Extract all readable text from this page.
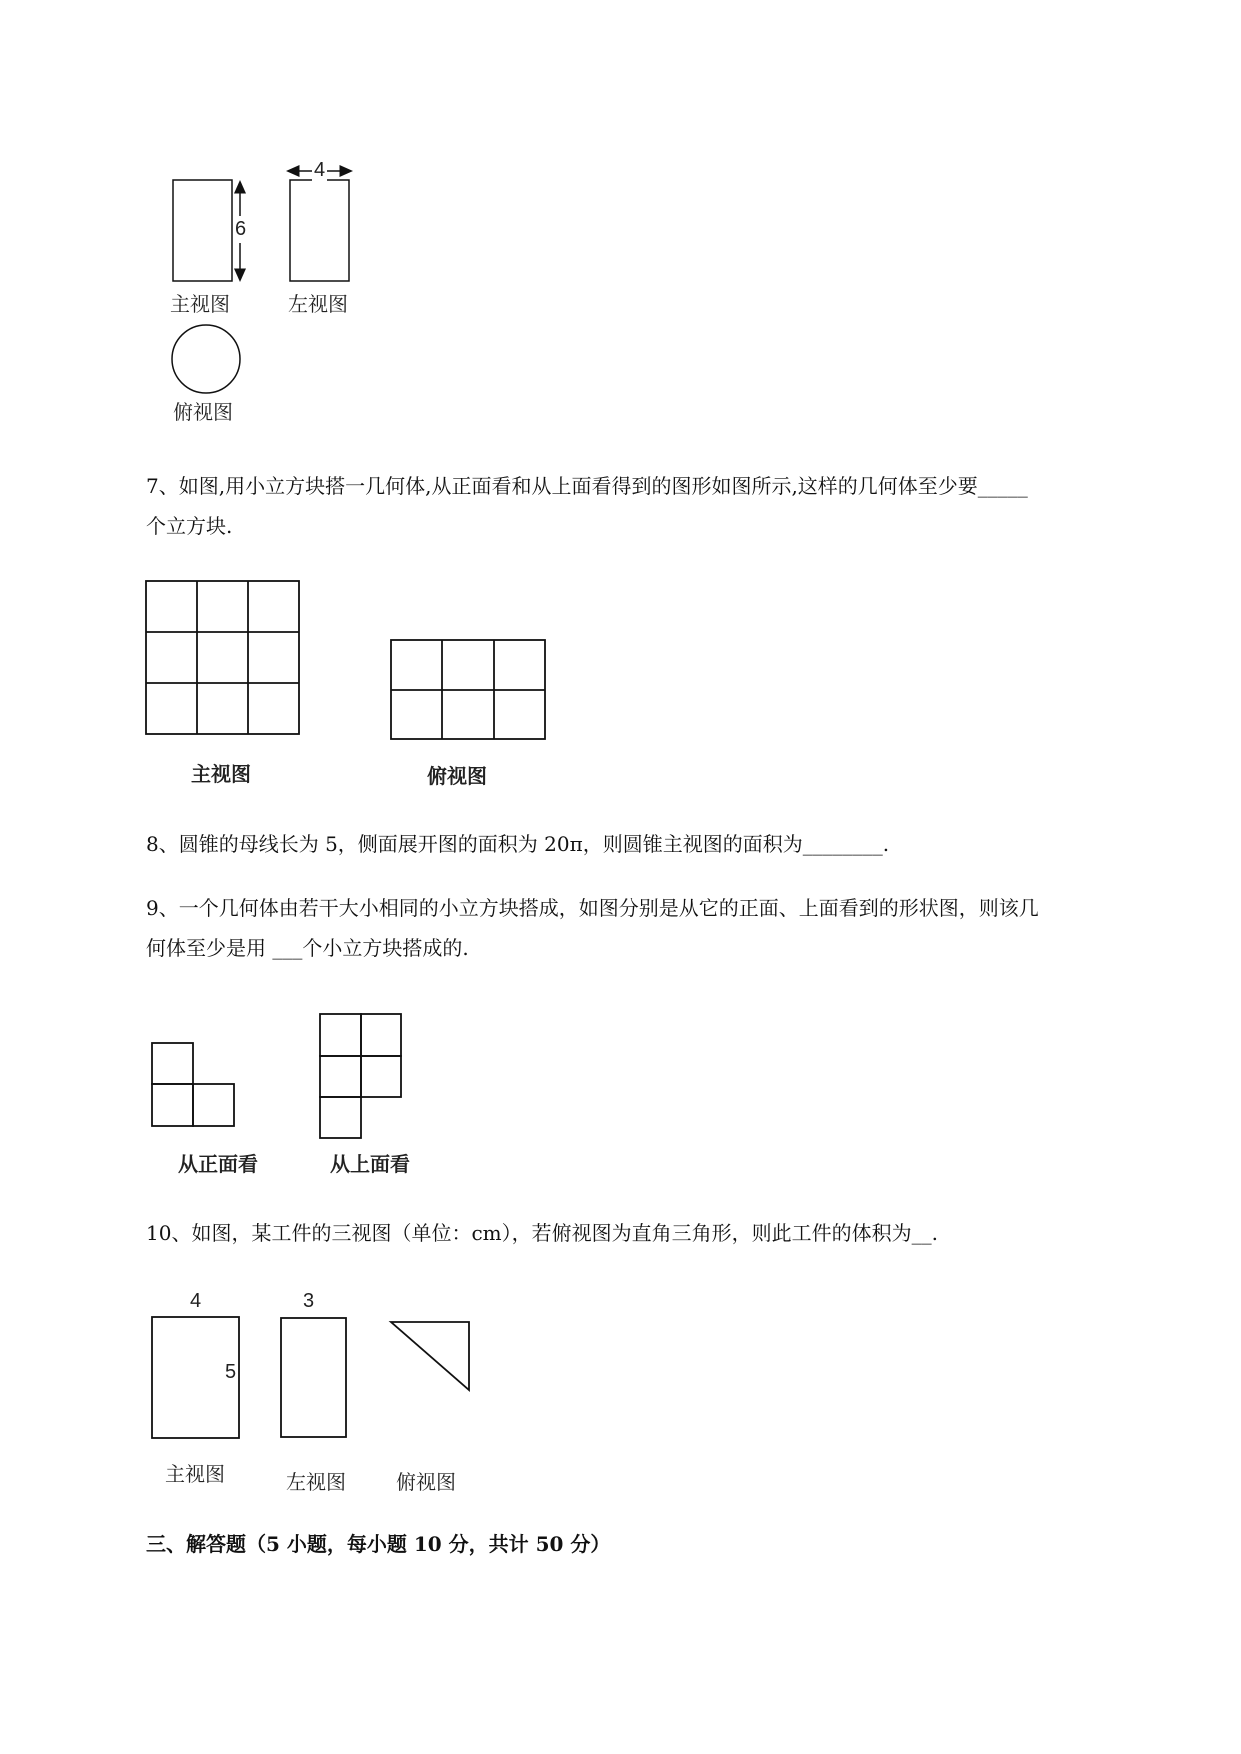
4
6
主视图	左视图
俯视图
7、如图,用小立方块搭一几何体,从正面看和从上面看得到的图形如图所示,这样的几何体至少要_____
个立方块.
主视图	俯视图
8、圆锥的母线长为 5，侧面展开图的面积为 20π，则圆锥主视图的面积为________.
9、一个几何体由若干大小相同的小立方块搭成，如图分别是从它的正面、上面看到的形状图，则该几
何体至少是用 ___个小立方块搭成的.
从正面看	从上面看
10、如图，某工件的三视图（单位：cm），若俯视图为直角三角形，则此工件的体积为__.
4
5
3
主视图	左视图	俯视图
三、解答题（5 小题，每小题 10 分，共计 50 分）
